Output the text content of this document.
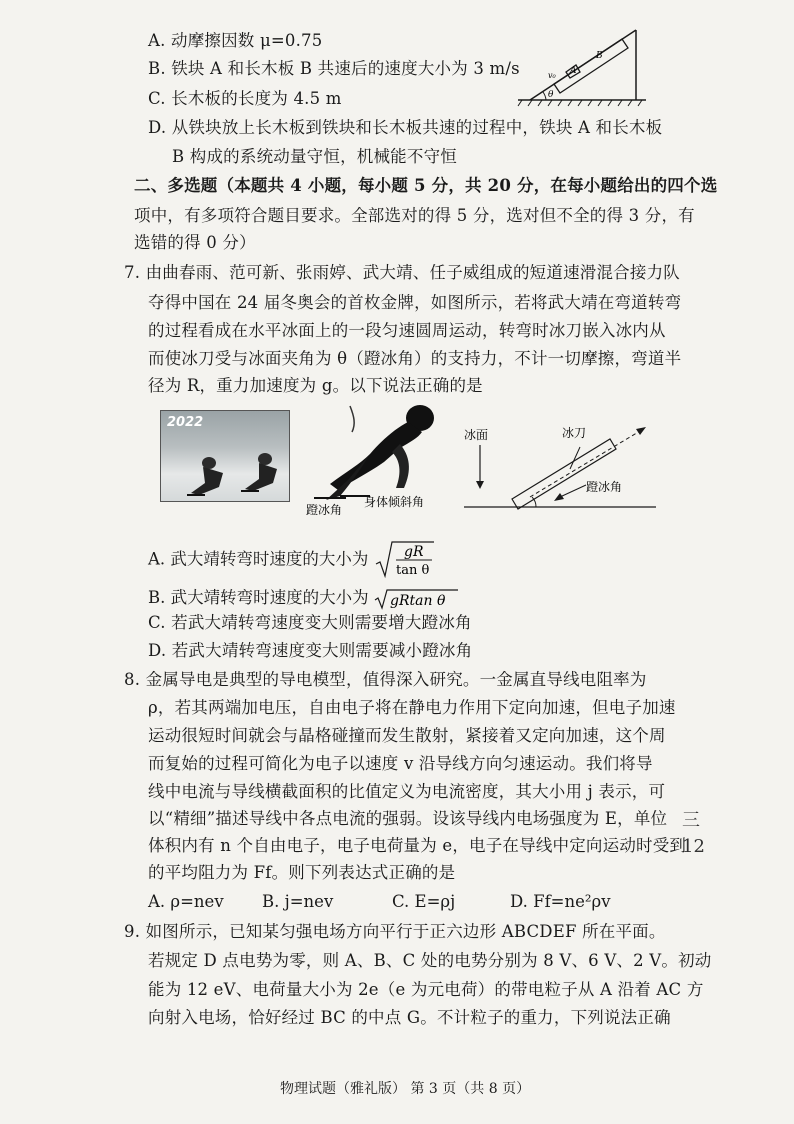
A. 动摩擦因数 μ=0.75
B. 铁块 A 和长木板 B 共速后的速度大小为 3 m/s
C. 长木板的长度为 4.5 m
D. 从铁块放上长木板到铁块和长木板共速的过程中，铁块 A 和长木板
B 构成的系统动量守恒，机械能不守恒
A
B
v₀
θ
二、多选题（本题共 4 小题，每小题 5 分，共 20 分，在每小题给出的四个选
项中，有多项符合题目要求。全部选对的得 5 分，选对但不全的得 3 分，有
选错的得 0 分）
7. 由曲春雨、范可新、张雨婷、武大靖、任子威组成的短道速滑混合接力队
夺得中国在 24 届冬奥会的首枚金牌，如图所示，若将武大靖在弯道转弯
的过程看成在水平冰面上的一段匀速圆周运动，转弯时冰刀嵌入冰内从
而使冰刀受与冰面夹角为 θ（蹬冰角）的支持力，不计一切摩擦，弯道半
径为 R，重力加速度为 g。以下说法正确的是
2022
蹬冰角
身体倾斜角
冰面	冰刀
蹬冰角
A. 武大靖转弯时速度的大小为	gR
tan θ
B. 武大靖转弯时速度的大小为 gRtan θ
C. 若武大靖转弯速度变大则需要增大蹬冰角
D. 若武大靖转弯速度变大则需要减小蹬冰角
8. 金属导电是典型的导电模型，值得深入研究。一金属直导线电阻率为
ρ，若其两端加电压，自由电子将在静电力作用下定向加速，但电子加速
运动很短时间就会与晶格碰撞而发生散射，紧接着又定向加速，这个周
而复始的过程可简化为电子以速度 v 沿导线方向匀速运动。我们将导
线中电流与导线横截面积的比值定义为电流密度，其大小用 j 表示，可
以“精细”描述导线中各点电流的强弱。设该导线内电场强度为 E，单位
体积内有 n 个自由电子，电子电荷量为 e，电子在导线中定向运动时受到
的平均阻力为 Ff。则下列表达式正确的是
A. ρ=nev B. j=nev	C. E=ρj	D. Ff=ne²ρv
9. 如图所示，已知某匀强电场方向平行于正六边形 ABCDEF 所在平面。
若规定 D 点电势为零，则 A、B、C 处的电势分别为 8 V、6 V、2 V。初动
能为 12 eV、电荷量大小为 2e（e 为元电荷）的带电粒子从 A 沿着 AC 方
向射入电场，恰好经过 BC 的中点 G。不计粒子的重力，下列说法正确
三
12
物理试题（雅礼版） 第 3 页（共 8 页）
